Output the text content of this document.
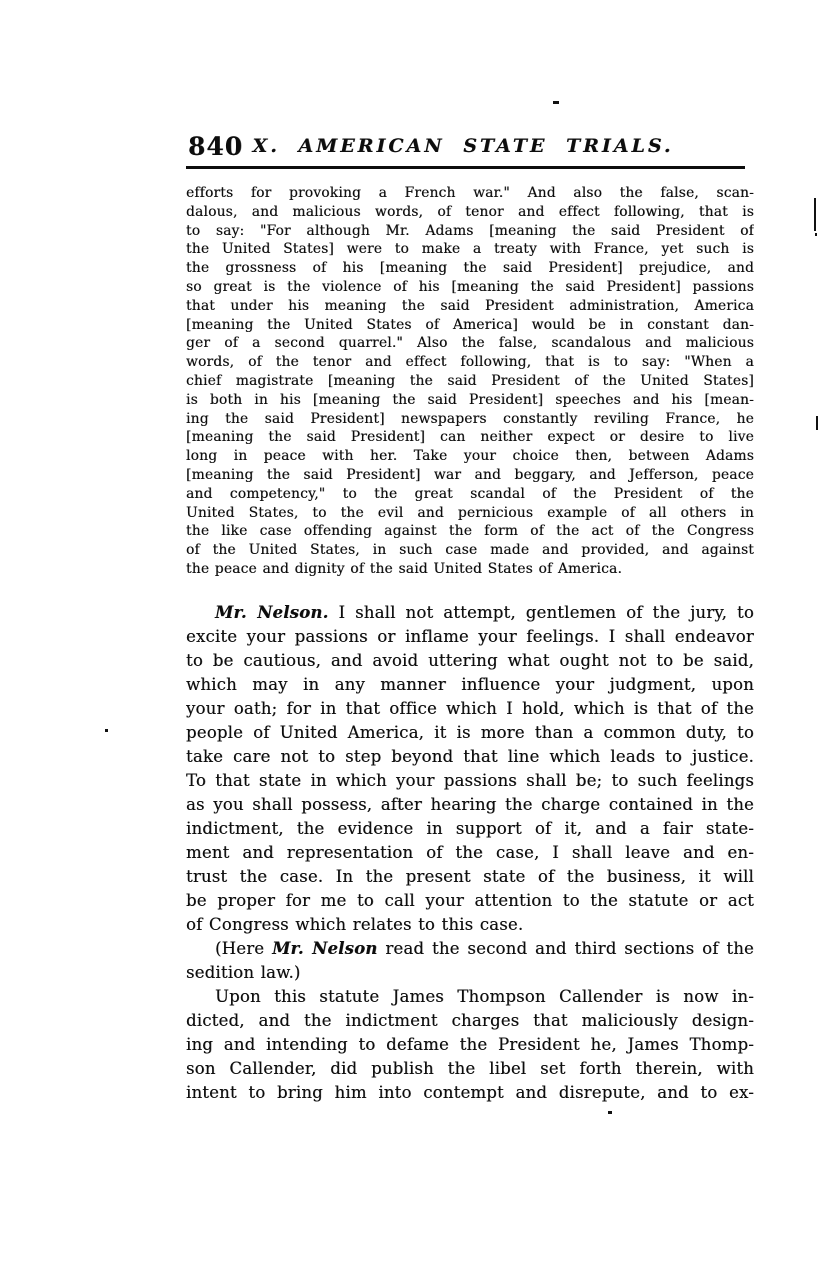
840 X. AMERICAN STATE TRIALS.
efforts for provoking a French war." And also the false, scan-
dalous, and malicious words, of tenor and effect following, that is
to say: "For although Mr. Adams [meaning the said President of
the United States] were to make a treaty with France, yet such is
the grossness of his [meaning the said President] prejudice, and
so great is the violence of his [meaning the said President] passions
that under his meaning the said President administration, America
[meaning the United States of America] would be in constant dan-
ger of a second quarrel." Also the false, scandalous and malicious
words, of the tenor and effect following, that is to say: "When a
chief magistrate [meaning the said President of the United States]
is both in his [meaning the said President] speeches and his [mean-
ing the said President] newspapers constantly reviling France, he
[meaning the said President] can neither expect or desire to live
long in peace with her. Take your choice then, between Adams
[meaning the said President] war and beggary, and Jefferson, peace
and competency," to the great scandal of the President of the
United States, to the evil and pernicious example of all others in
the like case offending against the form of the act of the Congress
of the United States, in such case made and provided, and against
the peace and dignity of the said United States of America.
Mr. Nelson. I shall not attempt, gentlemen of the jury, to
excite your passions or inflame your feelings. I shall endeavor
to be cautious, and avoid uttering what ought not to be said,
which may in any manner influence your judgment, upon
your oath; for in that office which I hold, which is that of the
people of United America, it is more than a common duty, to
take care not to step beyond that line which leads to justice.
To that state in which your passions shall be; to such feelings
as you shall possess, after hearing the charge contained in the
indictment, the evidence in support of it, and a fair state-
ment and representation of the case, I shall leave and en-
trust the case. In the present state of the business, it will
be proper for me to call your attention to the statute or act
of Congress which relates to this case.
(Here Mr. Nelson read the second and third sections of the
sedition law.)
Upon this statute James Thompson Callender is now in-
dicted, and the indictment charges that maliciously design-
ing and intending to defame the President he, James Thomp-
son Callender, did publish the libel set forth therein, with
intent to bring him into contempt and disrepute, and to ex-
